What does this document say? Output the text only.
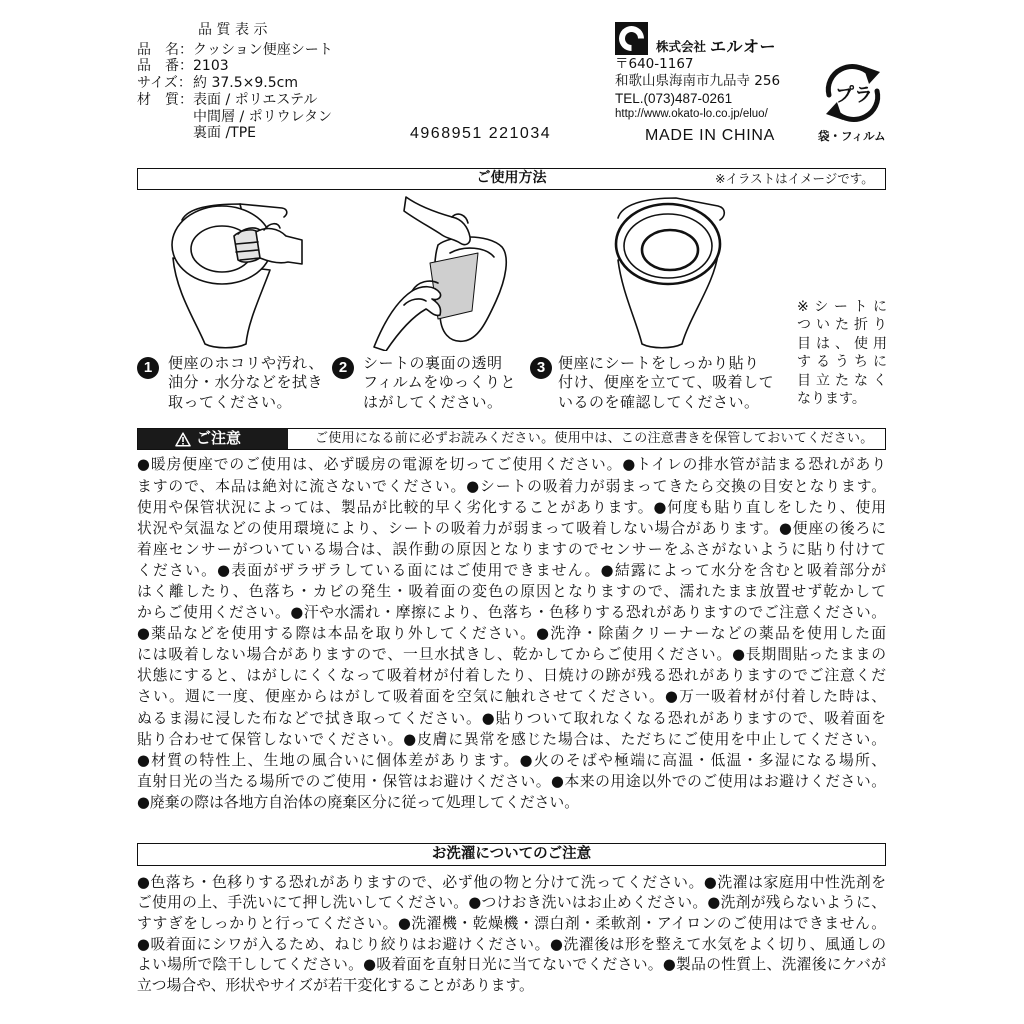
品質表示
品　名：クッション便座シート
品　番：2103
サイズ：約 37.5×9.5cm
材　質：表面 / ポリエステル
中間層 / ポリウレタン
裏面 /TPE	4968951 221034
株式会社 エルオー
〒640-1167
和歌山県海南市九品寺 256
TEL.(073)487-0261
http://www.okato-lo.co.jp/eluo/
MADE IN CHINA
プラ
袋・フィルム
ご使用方法	※イラストはイメージです。
1	便座のホコリや汚れ、
油分・水分などを拭き
取ってください。
2	シートの裏面の透明
フィルムをゆっくりと
はがしてください。
3 便座にシートをしっかり貼り
付け、便座を立てて、吸着して
いるのを確認してください。
※シートに
ついた折り
目は、使用
するうちに
目立たなく
なります。
ご注意	ご使用になる前に必ずお読みください。使用中は、この注意書きを保管しておいてください。
●暖房便座でのご使用は、必ず暖房の電源を切ってご使用ください。●トイレの排水管が詰まる恐れがあり
ますので、本品は絶対に流さないでください。●シートの吸着力が弱まってきたら交換の目安となります。
使用や保管状況によっては、製品が比較的早く劣化することがあります。●何度も貼り直しをしたり、使用
状況や気温などの使用環境により、シートの吸着力が弱まって吸着しない場合があります。●便座の後ろに
着座センサーがついている場合は、誤作動の原因となりますのでセンサーをふさがないように貼り付けて
ください。●表面がザラザラしている面にはご使用できません。●結露によって水分を含むと吸着部分が
はく離したり、色落ち・カビの発生・吸着面の変色の原因となりますので、濡れたまま放置せず乾かして
からご使用ください。●汗や水濡れ・摩擦により、色落ち・色移りする恐れがありますのでご注意ください。
●薬品などを使用する際は本品を取り外してください。●洗浄・除菌クリーナーなどの薬品を使用した面
には吸着しない場合がありますので、一旦水拭きし、乾かしてからご使用ください。●長期間貼ったままの
状態にすると、はがしにくくなって吸着材が付着したり、日焼けの跡が残る恐れがありますのでご注意くだ
さい。週に一度、便座からはがして吸着面を空気に触れさせてください。●万一吸着材が付着した時は、
ぬるま湯に浸した布などで拭き取ってください。●貼りついて取れなくなる恐れがありますので、吸着面を
貼り合わせて保管しないでください。●皮膚に異常を感じた場合は、ただちにご使用を中止してください。
●材質の特性上、生地の風合いに個体差があります。●火のそばや極端に高温・低温・多湿になる場所、
直射日光の当たる場所でのご使用・保管はお避けください。●本来の用途以外でのご使用はお避けください。
●廃棄の際は各地方自治体の廃棄区分に従って処理してください。
お洗濯についてのご注意
●色落ち・色移りする恐れがありますので、必ず他の物と分けて洗ってください。●洗濯は家庭用中性洗剤を
ご使用の上、手洗いにて押し洗いしてください。●つけおき洗いはお止めください。●洗剤が残らないように、
すすぎをしっかりと行ってください。●洗濯機・乾燥機・漂白剤・柔軟剤・アイロンのご使用はできません。
●吸着面にシワが入るため、ねじり絞りはお避けください。●洗濯後は形を整えて水気をよく切り、風通しの
よい場所で陰干ししてください。●吸着面を直射日光に当てないでください。●製品の性質上、洗濯後にケバが
立つ場合や、形状やサイズが若干変化することがあります。
